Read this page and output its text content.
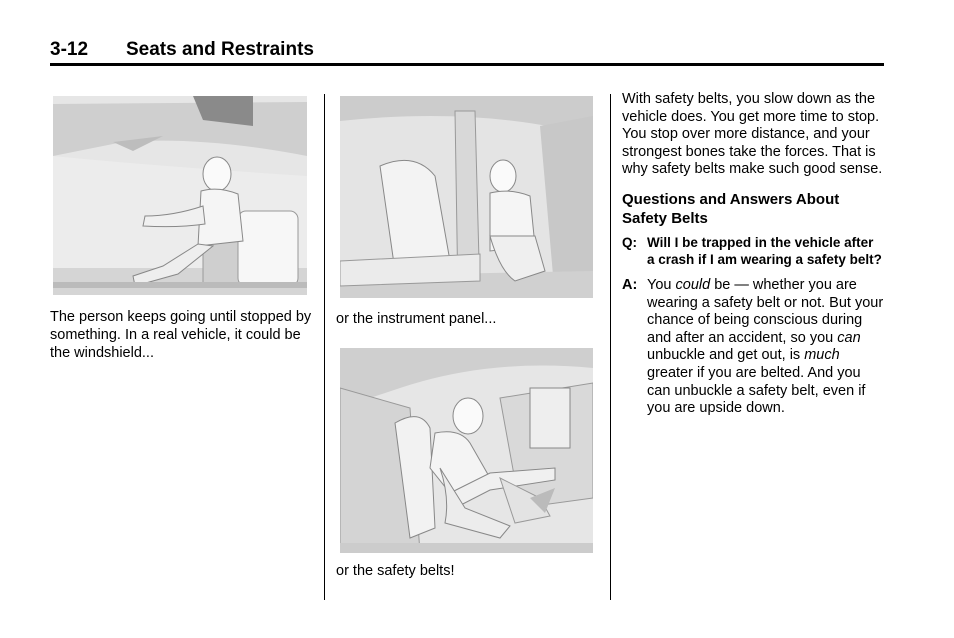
3-12 Seats and Restraints
The person keeps going until stopped by something. In a real vehicle, it could be the windshield...
or the instrument panel...
or the safety belts!

With safety belts, you slow down as the vehicle does. You get more time to stop. You stop over more distance, and your strongest bones take the forces. That is why safety belts make such good sense.

Questions and Answers About Safety Belts

Q: Will I be trapped in the vehicle after a crash if I am wearing a safety belt?

A: You could be — whether you are wearing a safety belt or not. But your chance of being conscious during and after an accident, so you can unbuckle and get out, is much greater if you are belted. And you can unbuckle a safety belt, even if you are upside down.
